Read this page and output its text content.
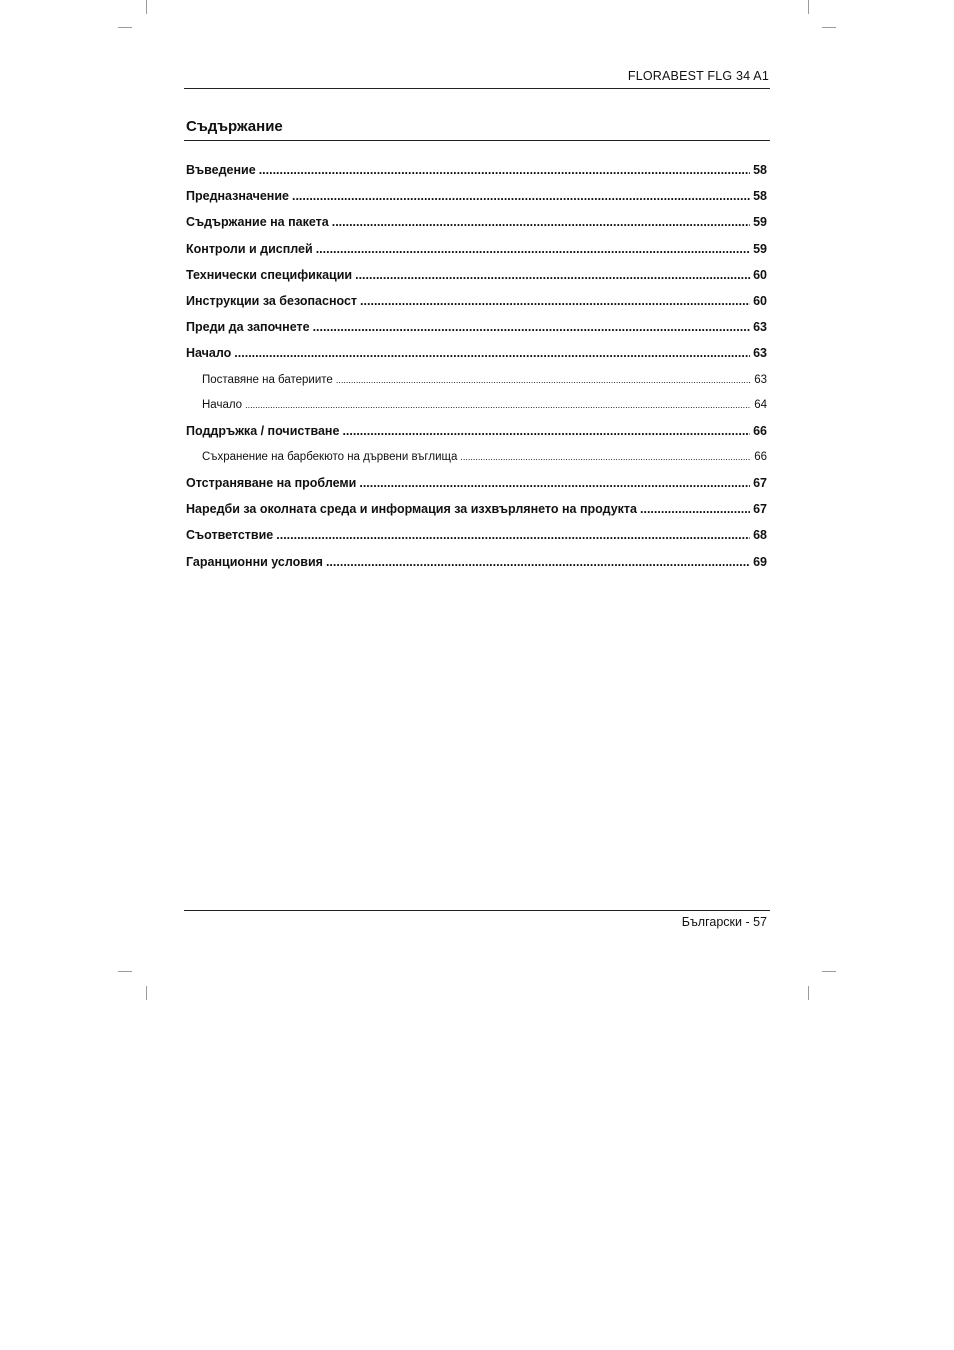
FLORABEST FLG 34 A1
Съдържание
Въведение .....	58
Предназначение .....	58
Съдържание на пакета .....	59
Контроли и дисплей .....	59
Технически спецификации .....	60
Инструкции за безопасност .....	60
Преди да започнете .....	63
Начало .....	63
Поставяне на батериите .....	63
Начало .....	64
Поддръжка / почистване .....	66
Съхранение на барбекюто на дървени въглища .....	66
Отстраняване на проблеми .....	67
Наредби за околната среда и информация за изхвърлянето на продукта .....	67
Съответствие .....	68
Гаранционни условия .....	69
Български - 57
